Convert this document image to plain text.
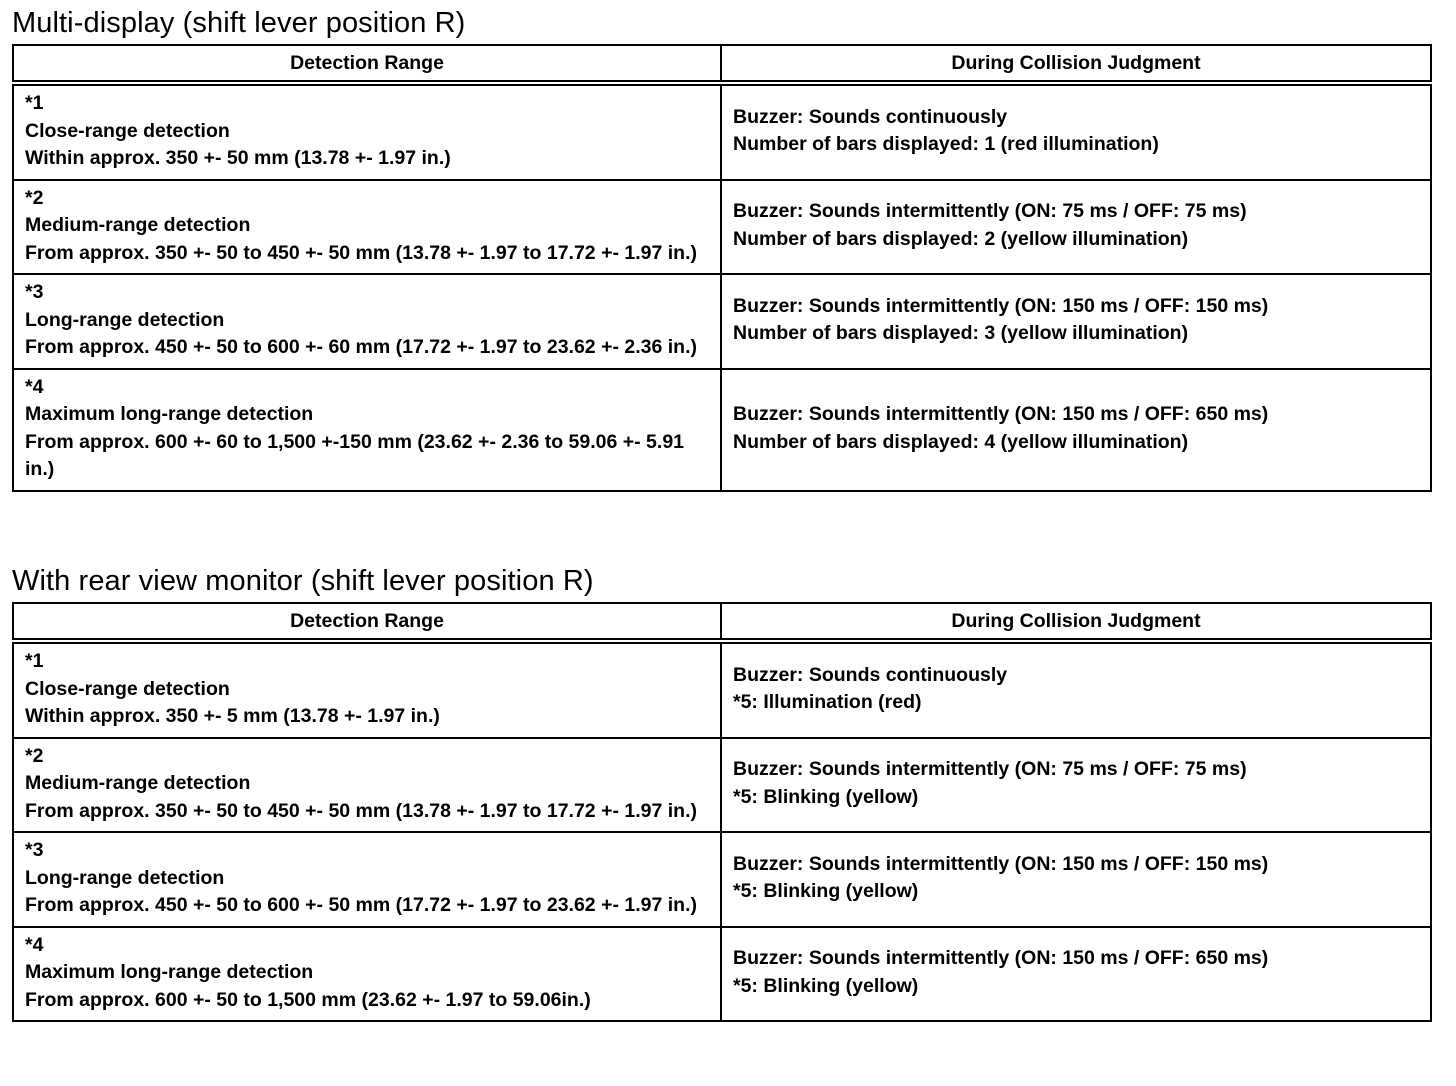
Multi-display (shift lever position R)
Detection Range	During Collision Judgment

*1
Close-range detection
Within approx. 350 +- 50 mm (13.78 +- 1.97 in.)	Buzzer: Sounds continuously
Number of bars displayed: 1 (red illumination)

*2
Medium-range detection
From approx. 350 +- 50 to 450 +- 50 mm (13.78 +- 1.97 to 17.72 +- 1.97 in.)	Buzzer: Sounds intermittently (ON: 75 ms / OFF: 75 ms)
Number of bars displayed: 2 (yellow illumination)

*3
Long-range detection
From approx. 450 +- 50 to 600 +- 60 mm (17.72 +- 1.97 to 23.62 +- 2.36 in.)	Buzzer: Sounds intermittently (ON: 150 ms / OFF: 150 ms)
Number of bars displayed: 3 (yellow illumination)

*4
Maximum long-range detection
From approx. 600 +- 60 to 1,500 +-150 mm (23.62 +- 2.36 to 59.06 +- 5.91 in.)	Buzzer: Sounds intermittently (ON: 150 ms / OFF: 650 ms)
Number of bars displayed: 4 (yellow illumination)
With rear view monitor (shift lever position R)
Detection Range	During Collision Judgment

*1
Close-range detection
Within approx. 350 +- 5 mm (13.78 +- 1.97 in.)	Buzzer: Sounds continuously
*5: Illumination (red)

*2
Medium-range detection
From approx. 350 +- 50 to 450 +- 50 mm (13.78 +- 1.97 to 17.72 +- 1.97 in.)	Buzzer: Sounds intermittently (ON: 75 ms / OFF: 75 ms)
*5: Blinking (yellow)

*3
Long-range detection
From approx. 450 +- 50 to 600 +- 50 mm (17.72 +- 1.97 to 23.62 +- 1.97 in.)	Buzzer: Sounds intermittently (ON: 150 ms / OFF: 150 ms)
*5: Blinking (yellow)

*4
Maximum long-range detection
From approx. 600 +- 50 to 1,500 mm (23.62 +- 1.97 to 59.06in.)	Buzzer: Sounds intermittently (ON: 150 ms / OFF: 650 ms)
*5: Blinking (yellow)
